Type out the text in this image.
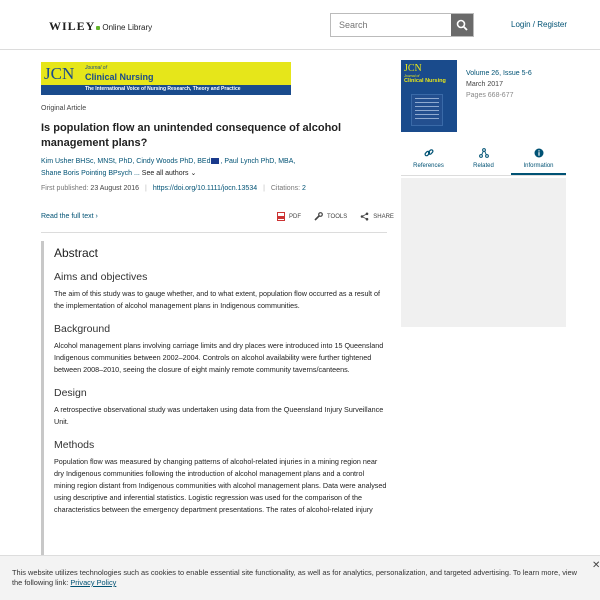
WILEY Online Library
Search	Login / Register
JCN Journal of
Clinical Nursing
The International Voice of Nursing Research, Theory and Practice
Original Article
Is population flow an unintended consequence of alcohol management plans?
Kim Usher BHSc, MNSt, PhD, Cindy Woods PhD, BEd , Paul Lynch PhD, MBA,
Shane Boris Pointing BPsych ... See all authors ⌄
First published: 23 August 2016 | https://doi.org/10.1111/jocn.13534 | Citations: 2
Read the full text ›	PDF	TOOLS	SHARE
Abstract
Aims and objectives
The aim of this study was to gauge whether, and to what extent, population flow occurred as a result of the implementation of alcohol management plans in Indigenous communities.
Background
Alcohol management plans involving carriage limits and dry places were introduced into 15 Queensland Indigenous communities between 2002–2004. Controls on alcohol availability were further tightened between 2008–2010, seeing the closure of eight mainly remote community taverns/canteens.
Design
A retrospective observational study was undertaken using data from the Queensland Injury Surveillance Unit.
Methods
Population flow was measured by changing patterns of alcohol-related injuries in a mining region near dry Indigenous communities following the introduction of alcohol management plans and a control mining region distant from Indigenous communities with alcohol management plans. Data were analysed using descriptive and inferential statistics. Logistic regression was used for the comparison of the characteristics between the emergency department presentations. The rates of alcohol-related injury
JCN
Journal of
Clinical Nursing
Volume 26, Issue 5-6
March 2017
Pages 668-677
References	Related	Information
This website utilizes technologies such as cookies to enable essential site functionality, as well as for analytics, personalization, and targeted advertising. To learn more, view the following link: Privacy Policy
✕
